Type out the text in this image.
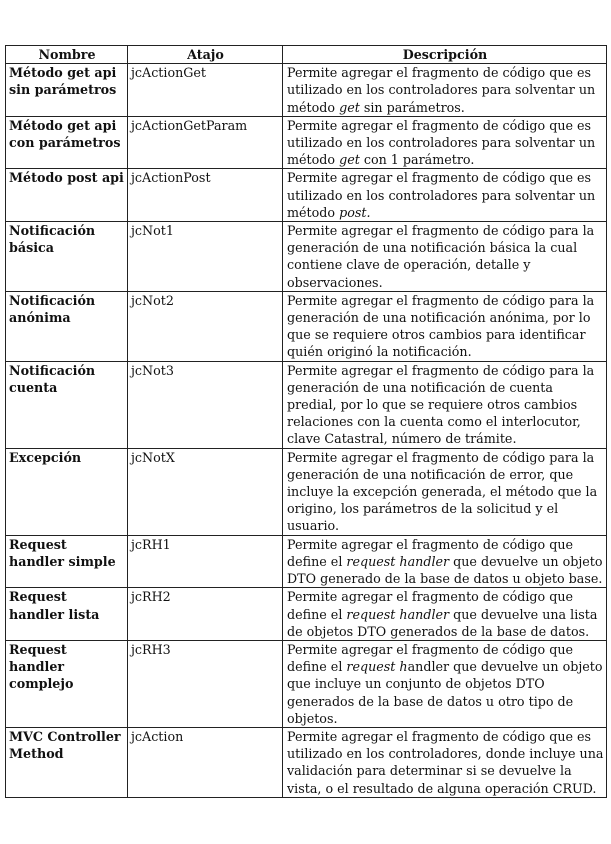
Nombre	Atajo	Descripción
Método get api sin parámetros	jcActionGet	Permite agregar el fragmento de código que es utilizado en los controladores para solventar un método get sin parámetros.
Método get api con parámetros	jcActionGetParam	Permite agregar el fragmento de código que es utilizado en los controladores para solventar un método get con 1 parámetro.
Método post api	jcActionPost	Permite agregar el fragmento de código que es utilizado en los controladores para solventar un método post.
Notificación básica	jcNot1	Permite agregar el fragmento de código para la generación de una notificación básica la cual contiene clave de operación, detalle y observaciones.
Notificación anónima	jcNot2	Permite agregar el fragmento de código para la generación de una notificación anónima, por lo que se requiere otros cambios para identificar quién originó la notificación.
Notificación cuenta	jcNot3	Permite agregar el fragmento de código para la generación de una notificación de cuenta predial, por lo que se requiere otros cambios relaciones con la cuenta como el interlocutor, clave Catastral, número de trámite.
Excepción	jcNotX	Permite agregar el fragmento de código para la generación de una notificación de error, que incluye la excepción generada, el método que la origino, los parámetros de la solicitud y el usuario.
Request handler simple	jcRH1	Permite agregar el fragmento de código que define el request handler que devuelve un objeto DTO generado de la base de datos u objeto base.
Request handler lista	jcRH2	Permite agregar el fragmento de código que define el request handler que devuelve una lista de objetos DTO generados de la base de datos.
Request handler complejo	jcRH3	Permite agregar el fragmento de código que define el request handler que devuelve un objeto que incluye un conjunto de objetos DTO generados de la base de datos u otro tipo de objetos.
MVC Controller Method	jcAction	Permite agregar el fragmento de código que es utilizado en los controladores, donde incluye una validación para determinar si se devuelve la vista, o el resultado de alguna operación CRUD.
